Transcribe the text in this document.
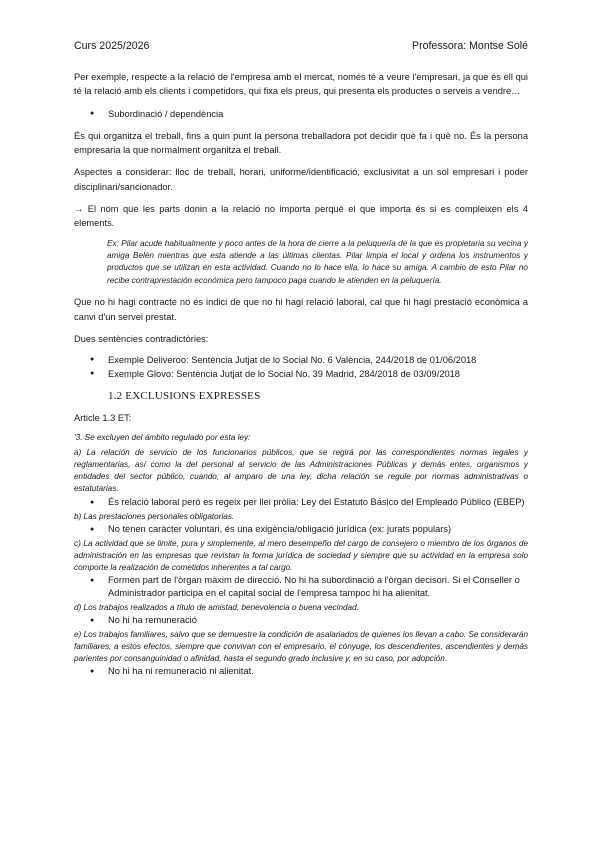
Curs 2025/2026	Professora: Montse Solé

Per exemple, respecte a la relació de l'empresa amb el mercat, només té a veure l'empresari, ja que és ell qui té la relació amb els clients i competidors, qui fixa els preus, qui presenta els productes o serveis a vendre…

● Subordinació / dependència

És qui organitza el treball, fins a quin punt la persona treballadora pot decidir què fa i què no. És la persona empresaria la que normalment organitza el treball.

Aspectes a considerar: lloc de treball, horari, uniforme/identificació, exclusivitat a un sol empresari i poder disciplinari/sancionador.

→ El nom que les parts donin a la relació no importa perquè el que importa és si es compleixen els 4 elements.

Ex: Pilar acude habitualmente y poco antes de la hora de cierre a la peluquería de la que es propietaria su vecina y amiga Belén mientras que esta atiende a las últimas clientas. Pilar limpia el local y ordena los instrumentos y productos que se utilizan en esta actividad. Cuando no lo hace ella, lo hace su amiga. A cambio de esto Pilar no recibe contraprestación económica pero tampoco paga cuando le atienden en la peluquería.

Que no hi hagi contracte no és indici de que no hi hagi relació laboral, cal que hi hagi prestació econòmica a canvi d'un servei prestat.

Dues sentències contradictòries:

● Exemple Deliveroo: Sentència Jutjat de lo Social No. 6 València, 244/2018 de 01/06/2018
● Exemple Glovo: Sentència Jutjat de lo Social No. 39 Madrid, 284/2018 de 03/09/2018
1.2 EXCLUSIONS EXPRESSES

Article 1.3 ET:

'3. Se excluyen del ámbito regulado por esta ley:
a) La relación de servicio de los funcionarios públicos, que se regirá por las correspondientes normas legales y reglamentarias, así como la del personal al servicio de las Administraciones Públicas y demás entes, organismos y entidades del sector público, cuando, al amparo de una ley, dicha relación se regule por normas administrativas o estatutarias.
● És relació laboral però es regeix per llei pròlia: Ley del Estatuto Básico del Empleado Público (EBEP)
b) Las prestaciones personales obligatorias.
● No tenen caràcter voluntari, és una exigència/obligació jurídica (ex: jurats populars)
c) La actividad que se limite, pura y simplemente, al mero desempeño del cargo de consejero o miembro de los órganos de administración en las empresas que revistan la forma jurídica de sociedad y siempre que su actividad en la empresa solo comporte la realización de cometidos inherentes a tal cargo.
● Formen part de l'òrgan màxim de direcció. No hi ha subordinació a l'òrgan decisori. Si el Conseller o Administrador participa en el capital social de l'empresa tampoc hi ha alienitat.
d) Los trabajos realizados a título de amistad, benevolencia o buena vecindad.
● No hi ha remuneració
e) Los trabajos familiares, salvo que se demuestre la condición de asalariados de quienes los llevan a cabo. Se considerarán familiares, a estos efectos, siempre que convivan con el empresario, el cónyuge, los descendientes, ascendientes y demás parientes por consanguinidad o afinidad, hasta el segundo grado inclusive y, en su caso, por adopción.
● No hi ha ni remuneració ni alienitat.
